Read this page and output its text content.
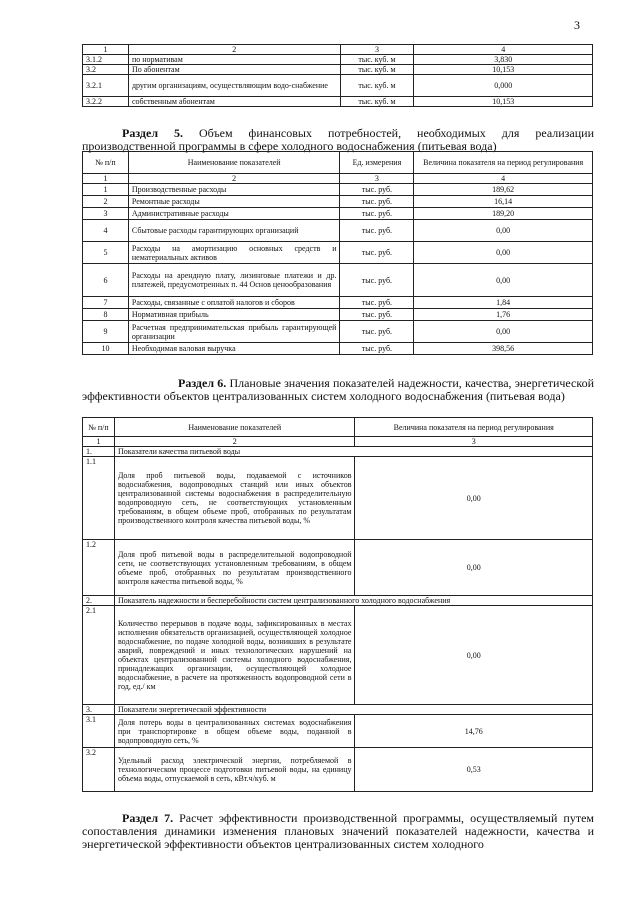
3
1	2	3	4
3.1.2	по нормативам	тыс. куб. м	3,830
3.2	По абонентам	тыс. куб. м	10,153
3.2.1	другим организациям, осуществляющим водо-снабжение	тыс. куб. м	0,000
3.2.2	собственным абонентам	тыс. куб. м	10,153
Раздел 5. Объем финансовых потребностей, необходимых для реализации производственной программы в сфере холодного водоснабжения (питьевая вода)
№ п/п	Наименование показателей	Ед. измерения	Величина показателя на период регулирования
1	2	3	4
1	Производственные расходы	тыс. руб.	189,62
2	Ремонтные расходы	тыс. руб.	16,14
3	Административные расходы	тыс. руб.	189,20
4	Сбытовые расходы гарантирующих организаций	тыс. руб.	0,00
5	Расходы на амортизацию основных средств и нематериальных активов	тыс. руб.	0,00
6	Расходы на арендную плату, лизинговые платежи и др. платежей, предусмотренных п. 44 Основ ценообразования	тыс. руб.	0,00
7	Расходы, связанные с оплатой налогов и сборов	тыс. руб.	1,84
8	Нормативная прибыль	тыс. руб.	1,76
9	Расчетная предпринимательская прибыль гарантирующей организации	тыс. руб.	0,00
10	Необходимая валовая выручка	тыс. руб.	398,56
Раздел 6. Плановые значения показателей надежности, качества, энергетической эффективности объектов централизованных систем холодного водоснабжения (питьевая вода)
№ п/п	Наименование показателей	Величина показателя на период регулирования
1	2	3
1.	Показатели качества питьевой воды	
1.1	Доля проб питьевой воды, подаваемой с источников водоснабжения, водопроводных станций или иных объектов централизованной системы водоснабжения в распределительную водопроводную сеть, не соответствующих установленным требованиям, в общем объеме проб, отобранных по результатам производственного контроля качества питьевой воды, %	0,00
1.2	Доля проб питьевой воды в распределительной водопроводной сети, не соответствующих установленным требованиям, в общем объеме проб, отобранных по результатам производственного контроля качества питьевой воды, %	0,00
2.	Показатель надежности и бесперебойности систем централизованного холодного водоснабжения	
2.1	Количество перерывов в подаче воды, зафиксированных в местах исполнения обязательств организацией, осуществляющей холодное водоснабжение, по подаче холодной воды, возникших в результате аварий, повреждений и иных технологических нарушений на объектах централизованной системы холодного водоснабжения, принадлежащих организации, осуществляющей холодное водоснабжение, в расчете на протяженность водопроводной сети в год, ед./ км	0,00
3.	Показатели энергетической эффективности	
3.1	Доля потерь воды в централизованных системах водоснабжения при транспортировке в общем объеме воды, поданной в водопроводную сеть, %	14,76
3.2	Удельный расход электрической энергии, потребляемой в технологическом процессе подготовки питьевой воды, на единицу объема воды, отпускаемой в сеть, кВт.ч/куб. м	0,53
Раздел 7. Расчет эффективности производственной программы, осуществляемый путем сопоставления динамики изменения плановых значений показателей надежности, качества и энергетической эффективности объектов централизованных систем холодного
